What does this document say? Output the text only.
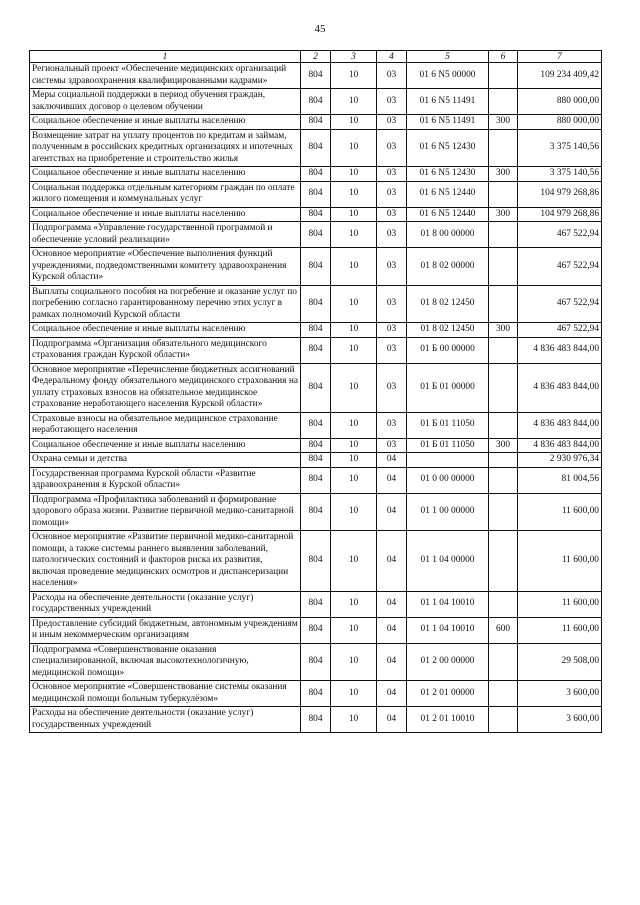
45
1	2	3	4	5	6	7
Региональный проект «Обеспечение медицинских организаций системы здравоохранения квалифицированными кадрами»	804	10	03	01 6 N5 00000		109 234 409,42
Меры социальной поддержки в период обучения граждан, заключивших договор о целевом обучении	804	10	03	01 6 N5 11491		880 000,00
Социальное обеспечение и иные выплаты населению	804	10	03	01 6 N5 11491	300	880 000,00
Возмещение затрат на уплату процентов по кредитам и займам, полученным в российских кредитных организациях и ипотечных агентствах на приобретение и строительство жилья	804	10	03	01 6 N5 12430		3 375 140,56
Социальное обеспечение и иные выплаты населению	804	10	03	01 6 N5 12430	300	3 375 140,56
Социальная поддержка отдельным категориям граждан по оплате жилого помещения и коммунальных услуг	804	10	03	01 6 N5 12440		104 979 268,86
Социальное обеспечение и иные выплаты населению	804	10	03	01 6 N5 12440	300	104 979 268,86
Подпрограмма «Управление государственной программой и обеспечение условий реализации»	804	10	03	01 8 00 00000		467 522,94
Основное мероприятие «Обеспечение выполнения функций учреждениями, подведомственными комитету здравоохранения Курской области»	804	10	03	01 8 02 00000		467 522,94
Выплаты социального пособия на погребение и оказание услуг по погребению согласно гарантированному перечню этих услуг в рамках полномочий Курской области	804	10	03	01 8 02 12450		467 522,94
Социальное обеспечение и иные выплаты населению	804	10	03	01 8 02 12450	300	467 522,94
Подпрограмма «Организация обязательного медицинского страхования граждан Курской области»	804	10	03	01 Б 00 00000		4 836 483 844,00
Основное мероприятие «Перечисление бюджетных ассигнований Федеральному фонду обязательного медицинского страхования на уплату страховых взносов на обязательное медицинское страхование неработающего населения Курской области»	804	10	03	01 Б 01 00000		4 836 483 844,00
Страховые взносы на обязательное медицинское страхование неработающего населения	804	10	03	01 Б 01 11050		4 836 483 844,00
Социальное обеспечение и иные выплаты населению	804	10	03	01 Б 01 11050	300	4 836 483 844,00
Охрана семьи и детства	804	10	04			2 930 976,34
Государственная программа Курской области «Развитие здравоохранения в Курской области»	804	10	04	01 0 00 00000		81 004,56
Подпрограмма «Профилактика заболеваний и формирование здорового образа жизни. Развитие первичной медико-санитарной помощи»	804	10	04	01 1 00 00000		11 600,00
Основное мероприятие «Развитие первичной медико-санитарной помощи, а также системы раннего выявления заболеваний, патологических состояний и факторов риска их развития, включая проведение медицинских осмотров и диспансеризации населения»	804	10	04	01 1 04 00000		11 600,00
Расходы на обеспечение деятельности (оказание услуг) государственных учреждений	804	10	04	01 1 04 10010		11 600,00
Предоставление субсидий бюджетным, автономным учреждениям и иным некоммерческим организациям	804	10	04	01 1 04 10010	600	11 600,00
Подпрограмма «Совершенствование оказания специализированной, включая высокотехнологичную, медицинской помощи»	804	10	04	01 2 00 00000		29 508,00
Основное мероприятие «Совершенствование системы оказания медицинской помощи больным туберкулёзом»	804	10	04	01 2 01 00000		3 600,00
Расходы на обеспечение деятельности (оказание услуг) государственных учреждений	804	10	04	01 2 01 10010		3 600,00
